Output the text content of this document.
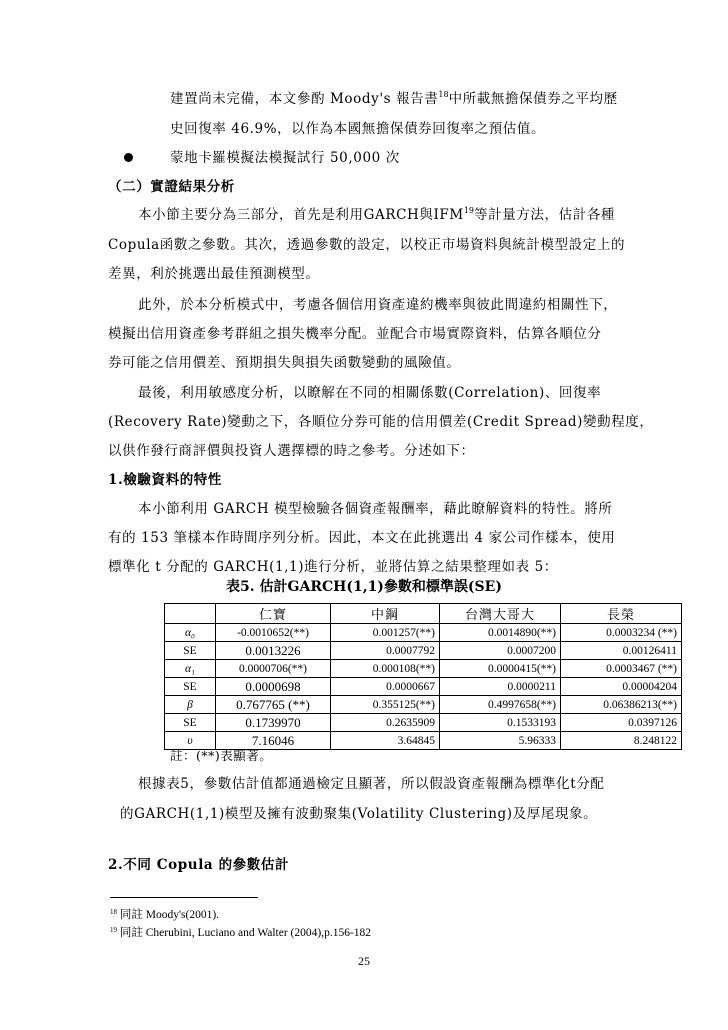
建置尚未完備，本文參酌 Moody's 報告書$^{18}$中所載無擔保債券之平均歷
史回復率 46.9%，以作為本國無擔保債券回復率之預估值。
蒙地卡羅模擬法模擬試行 50,000 次
（二）實證結果分析
本小節主要分為三部分，首先是利用GARCH與IFM$^{19}$等計量方法，估計各種
Copula函數之參數。其次，透過參數的設定，以校正市場資料與統計模型設定上的
差異，利於挑選出最佳預測模型。
此外，於本分析模式中，考慮各個信用資產違約機率與彼此間違約相關性下，
模擬出信用資產參考群組之損失機率分配。並配合市場實際資料，估算各順位分
券可能之信用價差、預期損失與損失函數變動的風險值。
最後，利用敏感度分析，以瞭解在不同的相關係數(Correlation)、回復率
(Recovery Rate)變動之下，各順位分券可能的信用價差(Credit Spread)變動程度，
以供作發行商評價與投資人選擇標的時之參考。分述如下：
1.檢驗資料的特性
本小節利用 GARCH 模型檢驗各個資產報酬率，藉此瞭解資料的特性。將所
有的 153 筆樣本作時間序列分析。因此，本文在此挑選出 4 家公司作樣本，使用
標準化 t 分配的 GARCH(1,1)進行分析，並將估算之結果整理如表 5：
表5. 估計GARCH(1,1)參數和標準誤(SE)
	仁寶	中鋼	台灣大哥大	長榮
α₀	-0.0010652(**)	0.001257(**)	0.0014890(**)	0.0003234 (**)
SE	0.0013226	0.0007792	0.0007200	0.00126411
α₁	0.0000706(**)	0.000108(**)	0.0000415(**)	0.0003467 (**)
SE	0.0000698	0.0000667	0.0000211	0.00004204
β	0.767765 (**)	0.355125(**)	0.4997658(**)	0.06386213(**)
SE	0.1739970	0.2635909	0.1533193	0.0397126
υ	7.16046	3.64845	5.96333	8.248122
註：(**)表顯著。
根據表5，參數估計值都通過檢定且顯著，所以假設資產報酬為標準化t分配
的GARCH(1,1)模型及擁有波動聚集(Volatility Clustering)及厚尾現象。
2.不同 Copula 的參數估計
$^{18}$ 同註 Moody's(2001).
$^{19}$ 同註 Cherubini, Luciano and Walter (2004),p.156-182
25
